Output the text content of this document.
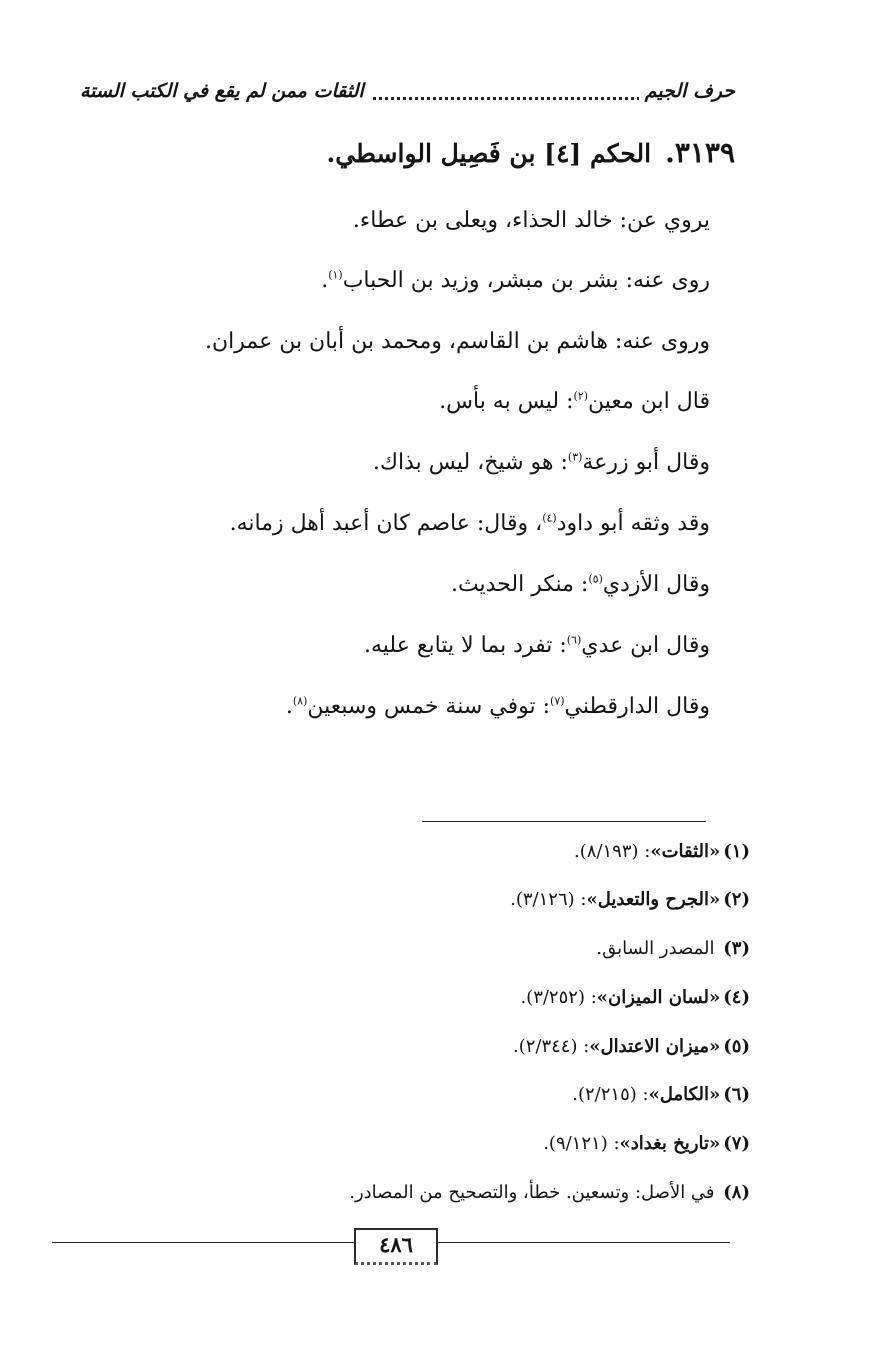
حرف الجيم
الثقات ممن لم يقع في الكتب الستة
٣١٣٩.الحكم [٤] بن فَصِيل الواسطي.
يروي عن: خالد الحذاء، ويعلى بن عطاء.
روى عنه: بشر بن مبشر، وزيد بن الحباب$^{(١)}$.
وروى عنه: هاشم بن القاسم، ومحمد بن أبان بن عمران.
قال ابن معين$^{(٢)}$: ليس به بأس.
وقال أبو زرعة$^{(٣)}$: هو شيخ، ليس بذاك.
وقد وثقه أبو داود$^{(٤)}$، وقال: عاصم كان أعبد أهل زمانه.
وقال الأزدي$^{(٥)}$: منكر الحديث.
وقال ابن عدي$^{(٦)}$: تفرد بما لا يتابع عليه.
وقال الدارقطني$^{(٧)}$: توفي سنة خمس وسبعين$^{(٨)}$.
(١)«الثقات»: (٨/١٩٣).
(٢)«الجرح والتعديل»: (٣/١٢٦).
(٣) المصدر السابق.
(٤)«لسان الميزان»: (٣/٢٥٢).
(٥)«ميزان الاعتدال»: (٢/٣٤٤).
(٦)«الكامل»: (٢/٢١٥).
(٧)«تاريخ بغداد»: (٩/١٢١).
(٨) في الأصل: وتسعين. خطأ، والتصحيح من المصادر.
٤٨٦
